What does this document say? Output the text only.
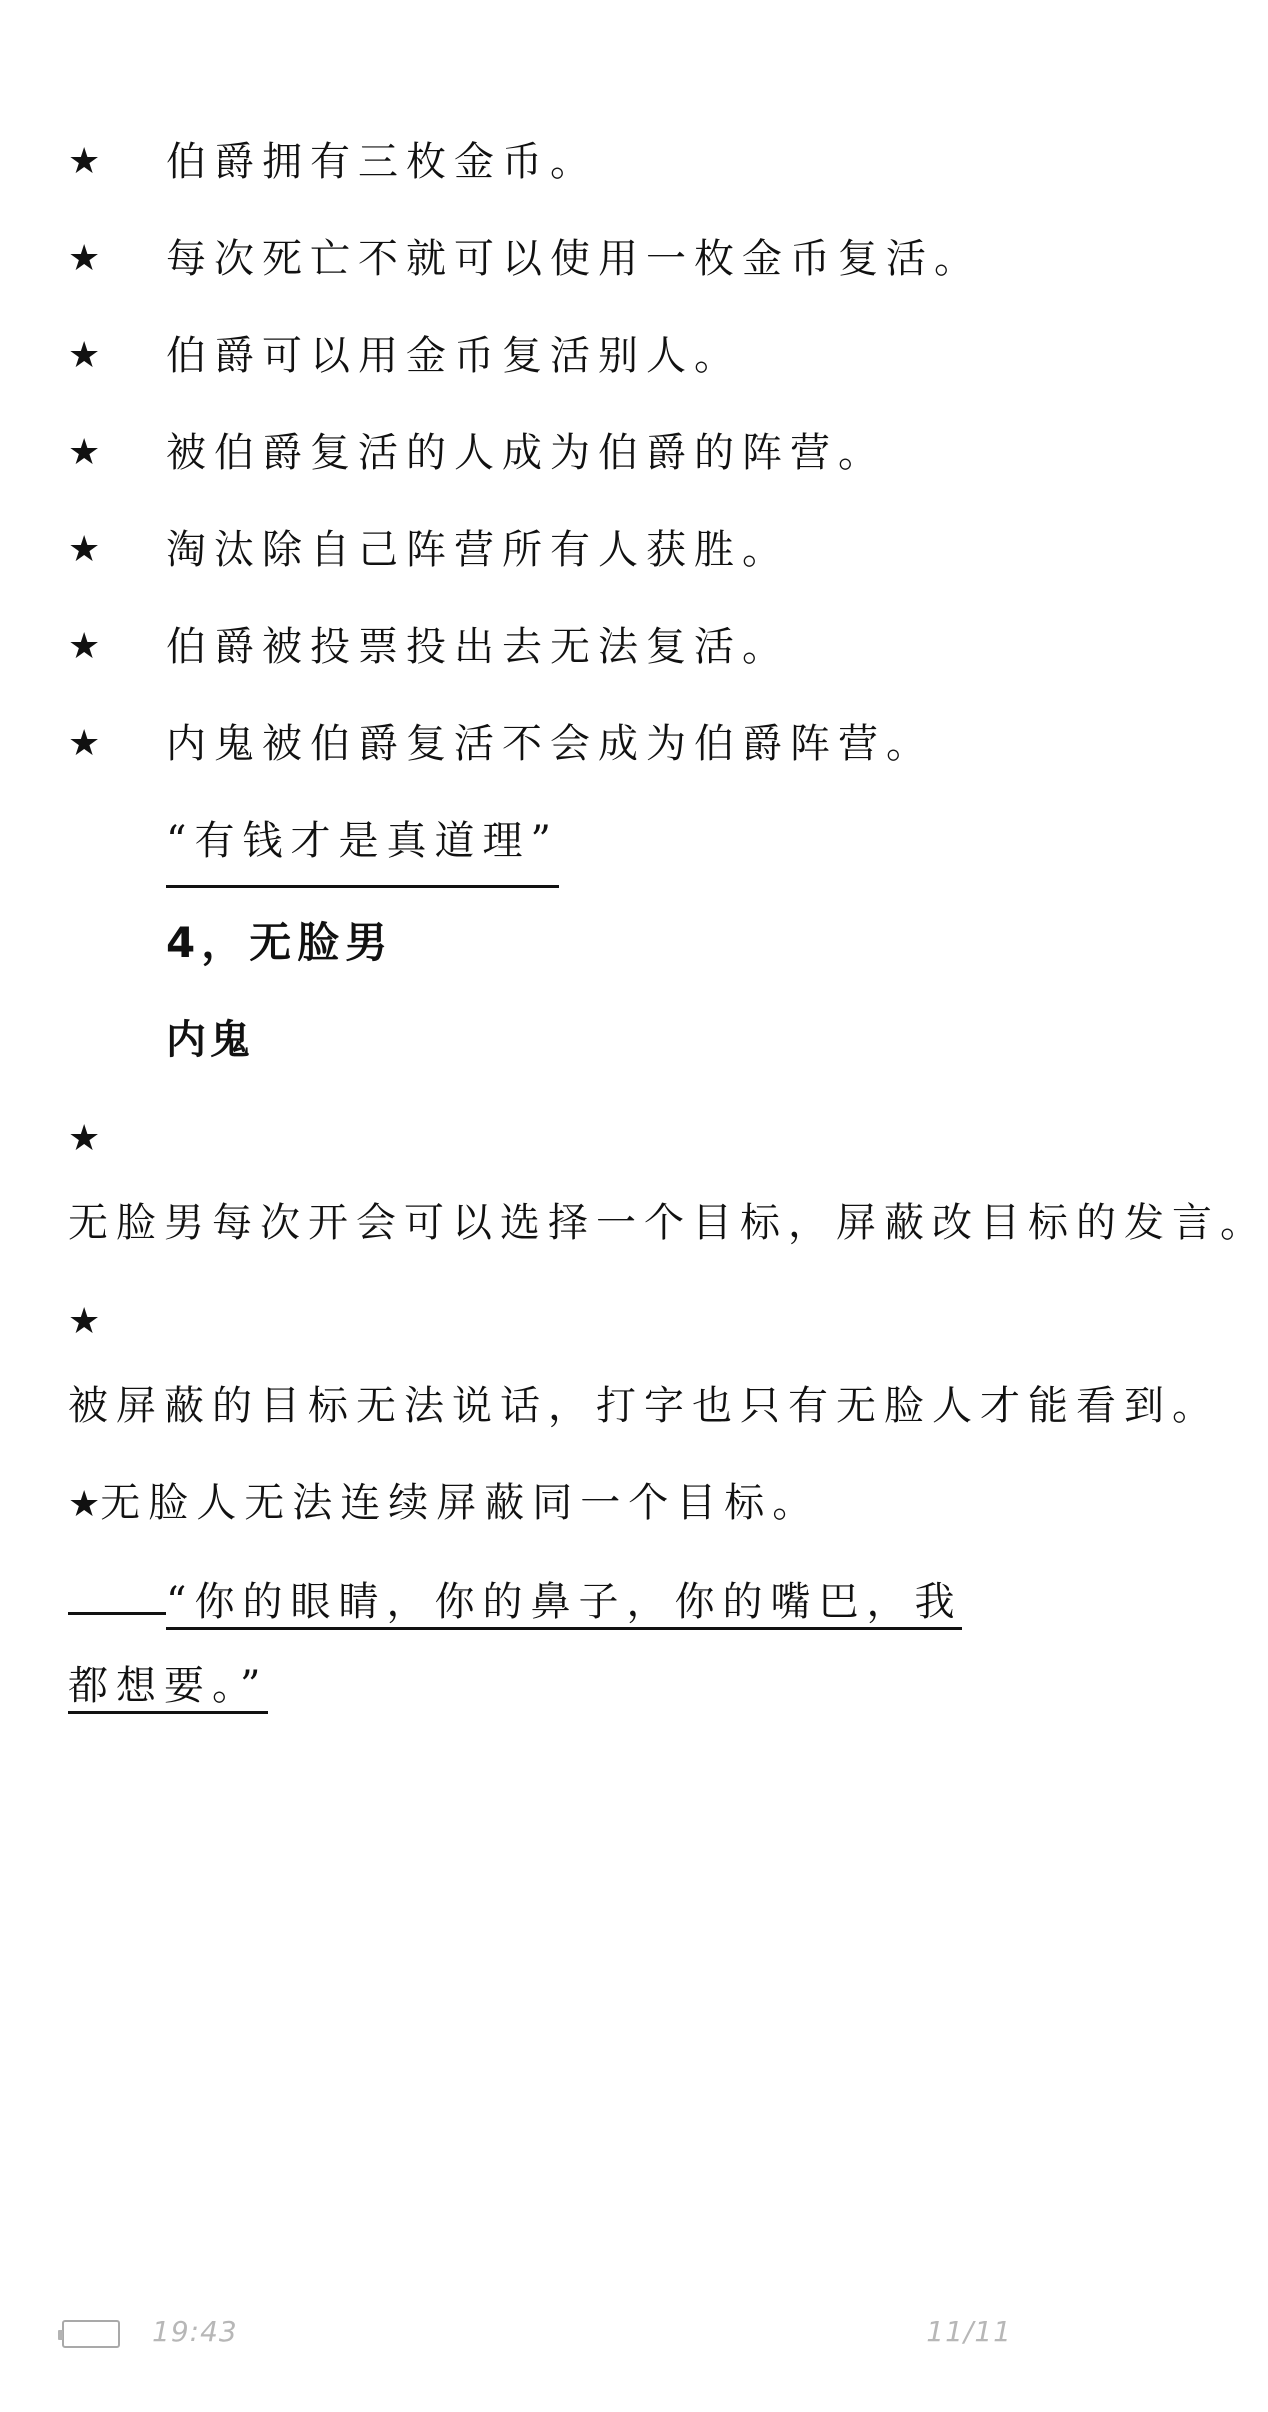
★	伯爵拥有三枚金币。
★	每次死亡不就可以使用一枚金币复活。
★	伯爵可以用金币复活别人。
★	被伯爵复活的人成为伯爵的阵营。
★	淘汰除自己阵营所有人获胜。
★	伯爵被投票投出去无法复活。
★	内鬼被伯爵复活不会成为伯爵阵营。
“有钱才是真道理”
4，无脸男
内鬼
★无脸男每次开会可以选择一个目标，屏蔽改目标的发言。
★被屏蔽的目标无法说话，打字也只有无脸人才能看到。
★无脸人无法连续屏蔽同一个目标。
“你的眼睛，你的鼻子，你的嘴巴，我都想要。”
19:43	11/11
